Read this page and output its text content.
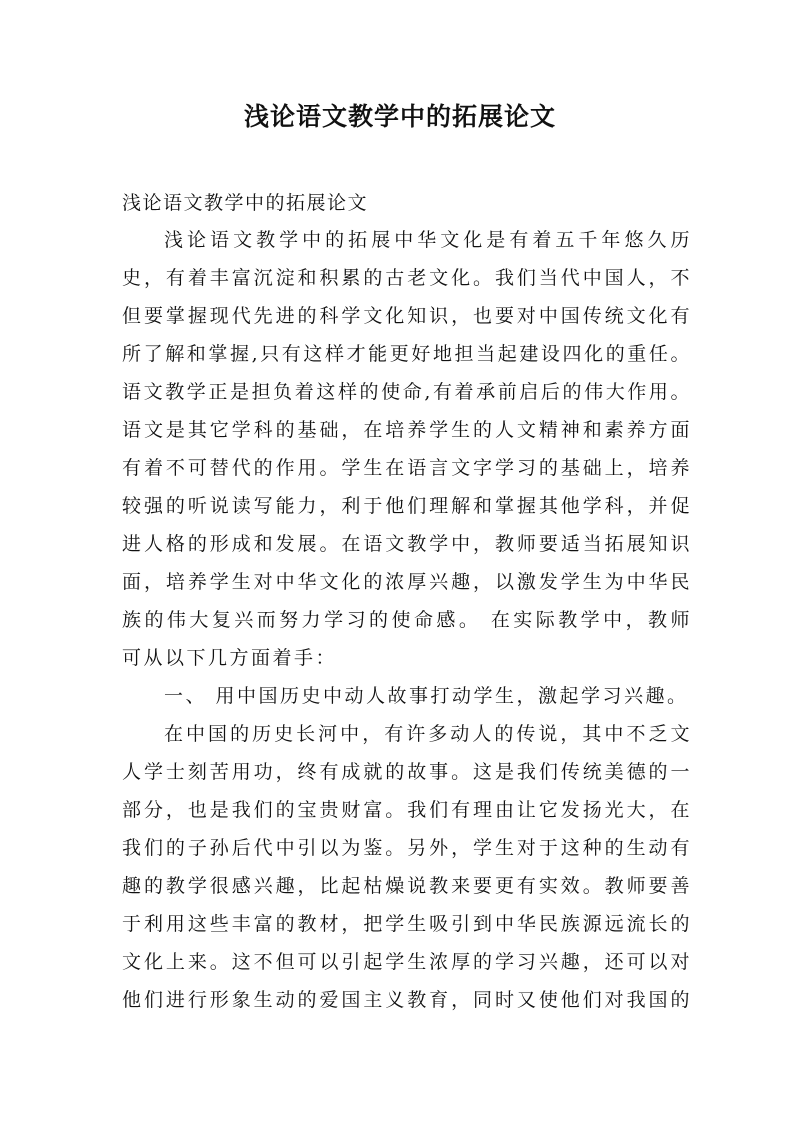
浅论语文教学中的拓展论文
浅论语文教学中的拓展论文
浅论语文教学中的拓展中华文化是有着五千年悠久历
史，有着丰富沉淀和积累的古老文化。我们当代中国人，不
但要掌握现代先进的科学文化知识，也要对中国传统文化有
所了解和掌握,只有这样才能更好地担当起建设四化的重任。
语文教学正是担负着这样的使命,有着承前启后的伟大作用。
语文是其它学科的基础，在培养学生的人文精神和素养方面
有着不可替代的作用。学生在语言文字学习的基础上，培养
较强的听说读写能力，利于他们理解和掌握其他学科，并促
进人格的形成和发展。在语文教学中，教师要适当拓展知识
面，培养学生对中华文化的浓厚兴趣，以激发学生为中华民
族的伟大复兴而努力学习的使命感。 在实际教学中，教师
可从以下几方面着手：
一、 用中国历史中动人故事打动学生，激起学习兴趣。
在中国的历史长河中，有许多动人的传说，其中不乏文
人学士刻苦用功，终有成就的故事。这是我们传统美德的一
部分，也是我们的宝贵财富。我们有理由让它发扬光大，在
我们的子孙后代中引以为鉴。另外，学生对于这种的生动有
趣的教学很感兴趣，比起枯燥说教来要更有实效。教师要善
于利用这些丰富的教材，把学生吸引到中华民族源远流长的
文化上来。这不但可以引起学生浓厚的学习兴趣，还可以对
他们进行形象生动的爱国主义教育，同时又使他们对我国的
